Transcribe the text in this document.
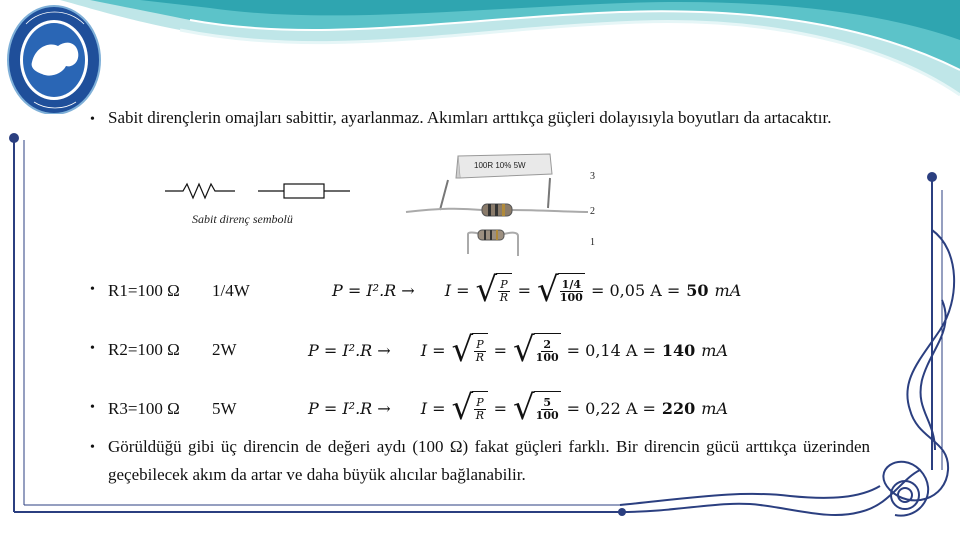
• Sabit dirençlerin omajları sabittir, ayarlanmaz. Akımları arttıkça güçleri dolayısıyla boyutları da artacaktır.
Sabit direnç sembolü
100R 10% 5W
3
2
1
• R1=100 Ω 1/4W	P = I².R → I = √ $\frac{P}{R}$ = √ $\frac{1/4}{100} = 0,05$ A = 50 mA
• R2=100 Ω 2W	P = I².R → I = √ $\frac{P}{R}$ = √ $\frac{2}{100} = 0,14$ A = 140 mA
• R3=100 Ω 5W	P = I².R → I = √ $\frac{P}{R}$ = √ $\frac{5}{100} = 0,22$ A = 220 mA
• Görüldüğü gibi üç direncin de değeri aydı (100 Ω) fakat güçleri farklı. Bir direncin gücü arttıkça üzerinden geçebilecek akım da artar ve daha büyük alıcılar bağlanabilir.
